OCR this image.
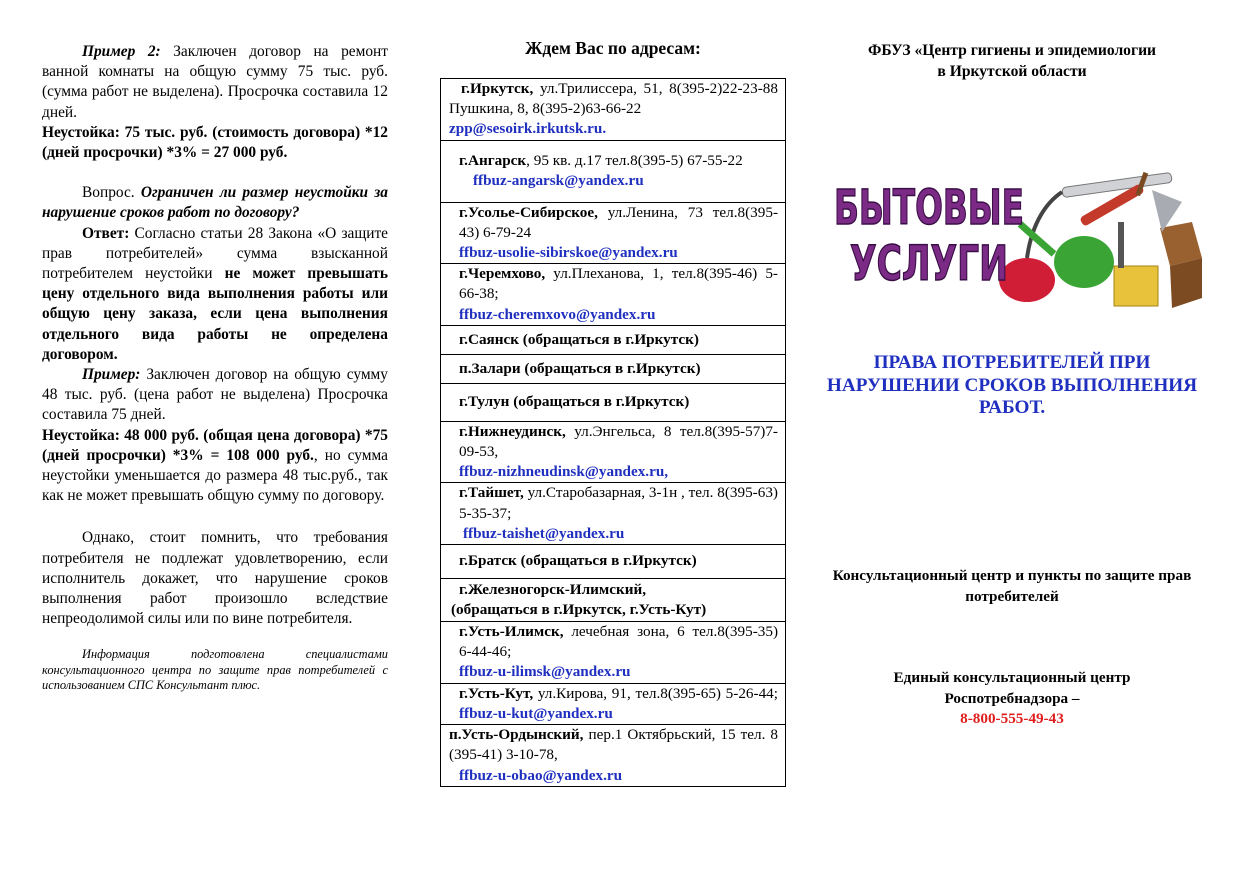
Пример 2: Заключен договор на ремонт ванной комнаты на общую сумму 75 тыс. руб. (сумма работ не выделена). Просрочка составила 12 дней.

Неустойка: 75 тыс. руб. (стоимость договора) *12 (дней просрочки) *3% = 27 000 руб.

Вопрос. Ограничен ли размер неустойки за нарушение сроков работ по договору?

Ответ: Согласно статьи 28 Закона «О защите прав потребителей» сумма взысканной потребителем неустойки не может превышать цену отдельного вида выполнения работы или общую цену заказа, если цена выполнения отдельного вида работы не определена договором.

Пример: Заключен договор на общую сумму 48 тыс. руб. (цена работ не выделена) Просрочка составила 75 дней.

Неустойка: 48 000 руб. (общая цена договора) *75 (дней просрочки) *3% = 108 000 руб., но сумма неустойки уменьшается до размера 48 тыс.руб., так как не может превышать общую сумму по договору.

Однако, стоит помнить, что требования потребителя не подлежат удовлетворению, если исполнитель докажет, что нарушение сроков выполнения работ произошло вследствие непреодолимой силы или по вине потребителя.

Информация подготовлена специалистами консультационного центра по защите прав потребителей с использованием СПС Консультант плюс.

Ждем Вас по адресам:

г.Иркутск, ул.Трилиссера, 51, 8(395-2)22-23-88 Пушкина, 8, 8(395-2)63-66-22
zpp@sesoirk.irkutsk.ru.
г.Ангарск, 95 кв. д.17 тел.8(395-5) 67-55-22
ffbuz-angarsk@yandex.ru
г.Усолье-Сибирское, ул.Ленина, 73 тел.8(395-43) 6-79-24
ffbuz-usolie-sibirskoe@yandex.ru
г.Черемхово, ул.Плеханова, 1, тел.8(395-46) 5-66-38;
ffbuz-cheremxovo@yandex.ru
г.Саянск (обращаться в г.Иркутск)
п.Залари (обращаться в г.Иркутск)
г.Тулун (обращаться в г.Иркутск)
г.Нижнеудинск, ул.Энгельса, 8 тел.8(395-57)7-09-53,
ffbuz-nizhneudinsk@yandex.ru,
г.Тайшет, ул.Старобазарная, 3-1н , тел. 8(395-63) 5-35-37;
ffbuz-taishet@yandex.ru
г.Братск (обращаться в г.Иркутск)
г.Железногорск-Илимский,
(обращаться в г.Иркутск, г.Усть-Кут)
г.Усть-Илимск, лечебная зона, 6 тел.8(395-35) 6-44-46;
ffbuz-u-ilimsk@yandex.ru
г.Усть-Кут, ул.Кирова, 91, тел.8(395-65) 5-26-44; ffbuz-u-kut@yandex.ru
п.Усть-Ордынский, пер.1 Октябрьский, 15 тел. 8 (395-41) 3-10-78,
ffbuz-u-obao@yandex.ru

ФБУЗ «Центр гигиены и эпидемиологии

в Иркутской области

БЫТОВЫЕ
УСЛУГИ

ПРАВА ПОТРЕБИТЕЛЕЙ ПРИ НАРУШЕНИИ СРОКОВ ВЫПОЛНЕНИЯ РАБОТ.

Консультационный центр и пункты по защите прав потребителей

Единый консультационный центр
Роспотребнадзора –
8-800-555-49-43
